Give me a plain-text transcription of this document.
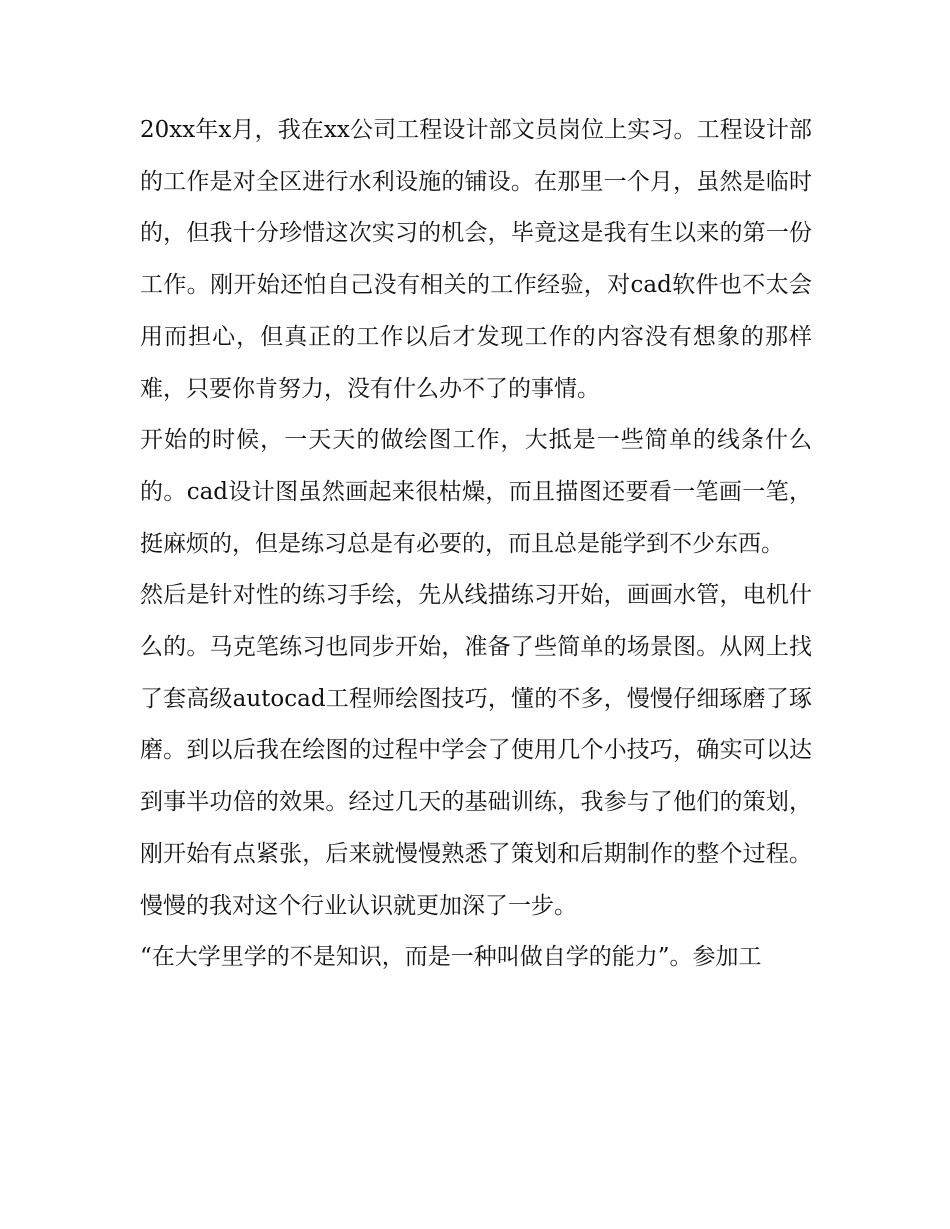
20xx年x月，我在xx公司工程设计部文员岗位上实习。工程设计部的工作是对全区进行水利设施的铺设。在那里一个月，虽然是临时的，但我十分珍惜这次实习的机会，毕竟这是我有生以来的第一份工作。刚开始还怕自己没有相关的工作经验，对cad软件也不太会用而担心，但真正的工作以后才发现工作的内容没有想象的那样难，只要你肯努力，没有什么办不了的事情。

开始的时候，一天天的做绘图工作，大抵是一些简单的线条什么的。cad设计图虽然画起来很枯燥，而且描图还要看一笔画一笔，挺麻烦的，但是练习总是有必要的，而且总是能学到不少东西。

然后是针对性的练习手绘，先从线描练习开始，画画水管，电机什么的。马克笔练习也同步开始，准备了些简单的场景图。从网上找了套高级autocad工程师绘图技巧，懂的不多，慢慢仔细琢磨了琢磨。到以后我在绘图的过程中学会了使用几个小技巧，确实可以达到事半功倍的效果。经过几天的基础训练，我参与了他们的策划，刚开始有点紧张，后来就慢慢熟悉了策划和后期制作的整个过程。慢慢的我对这个行业认识就更加深了一步。

“在大学里学的不是知识，而是一种叫做自学的能力”。参加工
